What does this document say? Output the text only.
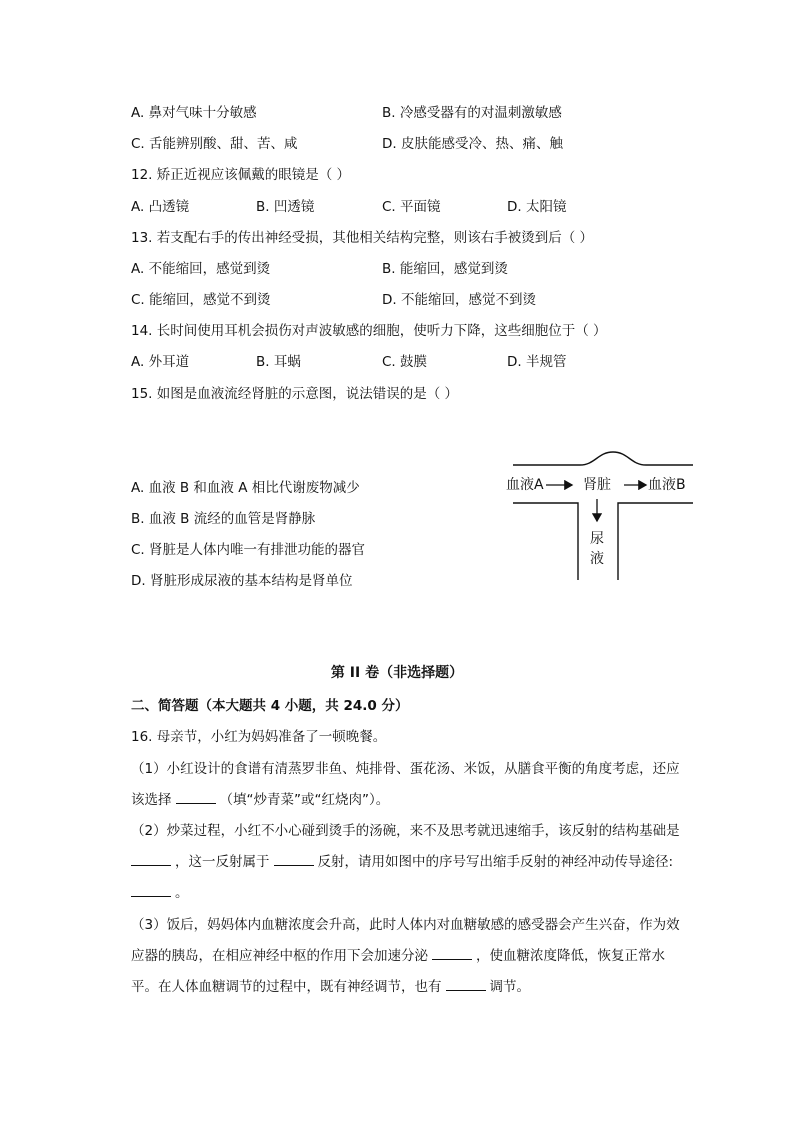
A. 鼻对气味十分敏感	B. 冷感受器有的对温刺激敏感
C. 舌能辨别酸、甜、苦、咸	D. 皮肤能感受冷、热、痛、触
12. 矫正近视应该佩戴的眼镜是（ ）
A. 凸透镜	B. 凹透镜	C. 平面镜	D. 太阳镜
13. 若支配右手的传出神经受损，其他相关结构完整，则该右手被烫到后（ ）
A. 不能缩回，感觉到烫	B. 能缩回，感觉到烫
C. 能缩回，感觉不到烫	D. 不能缩回，感觉不到烫
14. 长时间使用耳机会损伤对声波敏感的细胞，使听力下降，这些细胞位于（ ）
A. 外耳道	B. 耳蜗	C. 鼓膜	D. 半规管
15. 如图是血液流经肾脏的示意图，说法错误的是（ ）
A. 血液 B 和血液 A 相比代谢废物减少
B. 血液 B 流经的血管是肾静脉
C. 肾脏是人体内唯一有排泄功能的器官
D. 肾脏形成尿液的基本结构是肾单位
血液A	肾脏	血液B
尿
液
第 II 卷（非选择题）
二、简答题（本大题共 4 小题，共 24.0 分）
16. 母亲节，小红为妈妈准备了一顿晚餐。
（1）小红设计的食谱有清蒸罗非鱼、炖排骨、蛋花汤、米饭，从膳食平衡的角度考虑，还应
该选择	（填“炒青菜”或“红烧肉”）。
（2）炒菜过程，小红不小心碰到烫手的汤碗，来不及思考就迅速缩手，该反射的结构基础是
，这一反射属于	反射，请用如图中的序号写出缩手反射的神经冲动传导途径:
。
（3）饭后，妈妈体内血糖浓度会升高，此时人体内对血糖敏感的感受器会产生兴奋，作为效
应器的胰岛，在相应神经中枢的作用下会加速分泌	，使血糖浓度降低，恢复正常水
平。在人体血糖调节的过程中，既有神经调节，也有	调节。
